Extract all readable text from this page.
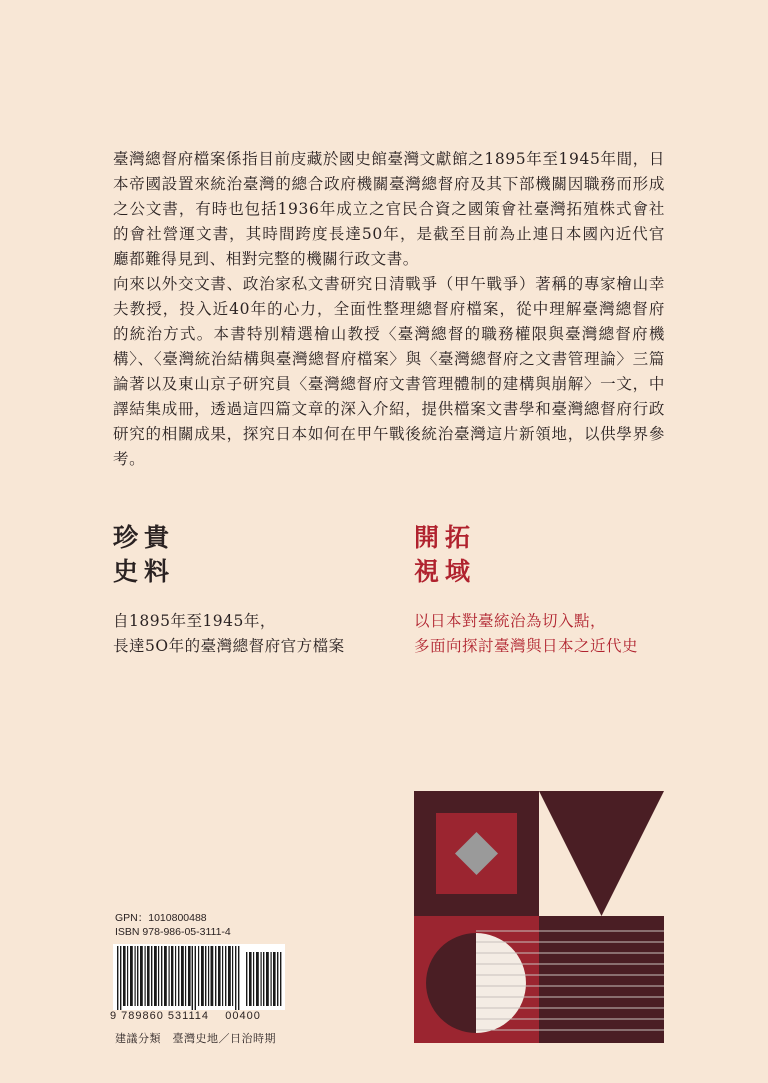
臺灣總督府檔案係指目前庋藏於國史館臺灣文獻館之1895年至1945年間，日本帝國設置來統治臺灣的總合政府機關臺灣總督府及其下部機關因職務而形成之公文書，有時也包括1936年成立之官民合資之國策會社臺灣拓殖株式會社的會社營運文書，其時間跨度長達50年，是截至目前為止連日本國內近代官廳都難得見到、相對完整的機關行政文書。

向來以外交文書、政治家私文書研究日清戰爭（甲午戰爭）著稱的專家檜山幸夫教授，投入近40年的心力，全面性整理總督府檔案，從中理解臺灣總督府的統治方式。本書特別精選檜山教授〈臺灣總督的職務權限與臺灣總督府機構〉、〈臺灣統治結構與臺灣總督府檔案〉與〈臺灣總督府之文書管理論〉三篇論著以及東山京子研究員〈臺灣總督府文書管理體制的建構與崩解〉一文，中譯結集成冊，透過這四篇文章的深入介紹，提供檔案文書學和臺灣總督府行政研究的相關成果，探究日本如何在甲午戰後統治臺灣這片新領地，以供學界參考。

珍貴
史料
開拓
視域
自1895年至1945年，
長達5O年的臺灣總督府官方檔案
以日本對臺統治為切入點，
多面向探討臺灣與日本之近代史
GPN：1010800488
ISBN 978-986-05-3111-4
9 789860 531114    00400
建議分類　臺灣史地／日治時期
